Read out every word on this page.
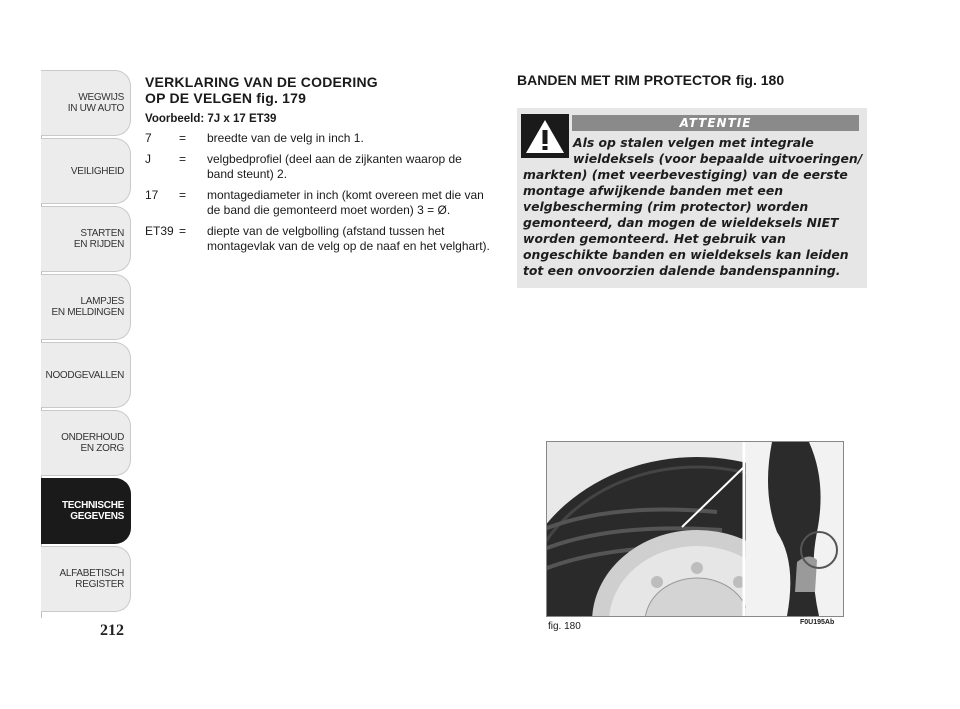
WEGWIJS
IN UW AUTO
VEILIGHEID
STARTEN
EN RIJDEN
LAMPJES
EN MELDINGEN
NOODGEVALLEN
ONDERHOUD
EN ZORG
TECHNISCHE
GEGEVENS
ALFABETISCH
REGISTER
212
VERKLARING VAN DE CODERING
OP DE VELGEN fig. 179
Voorbeeld: 7J x 17 ET39
7	=	breedte van de velg in inch 1.
J	=	velgbedprofiel (deel aan de zijkanten waarop de band steunt) 2.
17	=	montagediameter in inch (komt overeen met die van de band die gemonteerd moet worden) 3 = Ø.
ET39 =	diepte van de velgbolling (afstand tussen het montagevlak van de velg op de naaf en het velghart).
BANDEN MET RIM PROTECTOR fig. 180
ATTENTIE
Als op stalen velgen met integrale wieldeksels (voor bepaalde uitvoeringen/
markten) (met veerbevestiging) van de eerste montage afwijkende banden met een velgbescherming (rim protector) worden gemonteerd, dan mogen de wieldeksels NIET worden gemonteerd. Het gebruik van ongeschikte banden en wieldeksels kan leiden tot een onvoorzien dalende bandenspanning.
fig. 180	F0U195Ab
